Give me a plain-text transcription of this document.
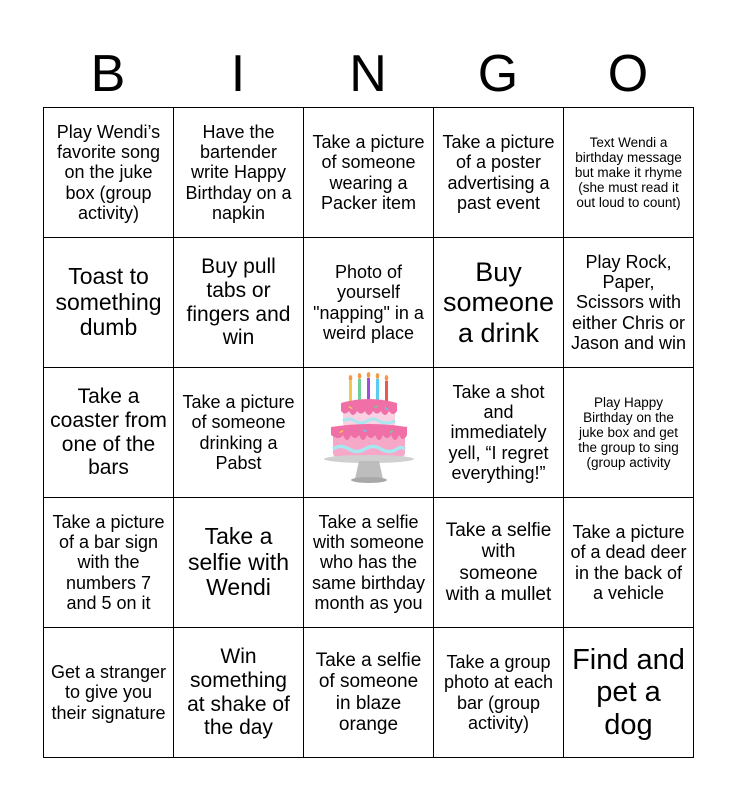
B	I	N	G	O
Play Wendi’s favorite song on the juke box (group activity)	Have the bartender write Happy Birthday on a napkin	Take a picture of someone wearing a Packer item	Take a picture of a poster advertising a past event	Text Wendi a birthday message but make it rhyme (she must read it out loud to count)
Toast to something dumb	Buy pull tabs or fingers and win	Photo of yourself "napping" in a weird place	Buy someone a drink	Play Rock, Paper, Scissors with either Chris or Jason and win
Take a coaster from one of the bars	Take a picture of someone drinking a Pabst		Take a shot and immediately yell, “I regret everything!”	Play Happy Birthday on the juke box and get the group to sing (group activity
Take a picture of a bar sign with the numbers 7 and 5 on it	Take a selfie with Wendi	Take a selfie with someone who has the same birthday month as you	Take a selfie with someone with a mullet	Take a picture of a dead deer in the back of a vehicle
Get a stranger to give you their signature	Win something at shake of the day	Take a selfie of someone in blaze orange	Take a group photo at each bar (group activity)	Find and pet a dog
